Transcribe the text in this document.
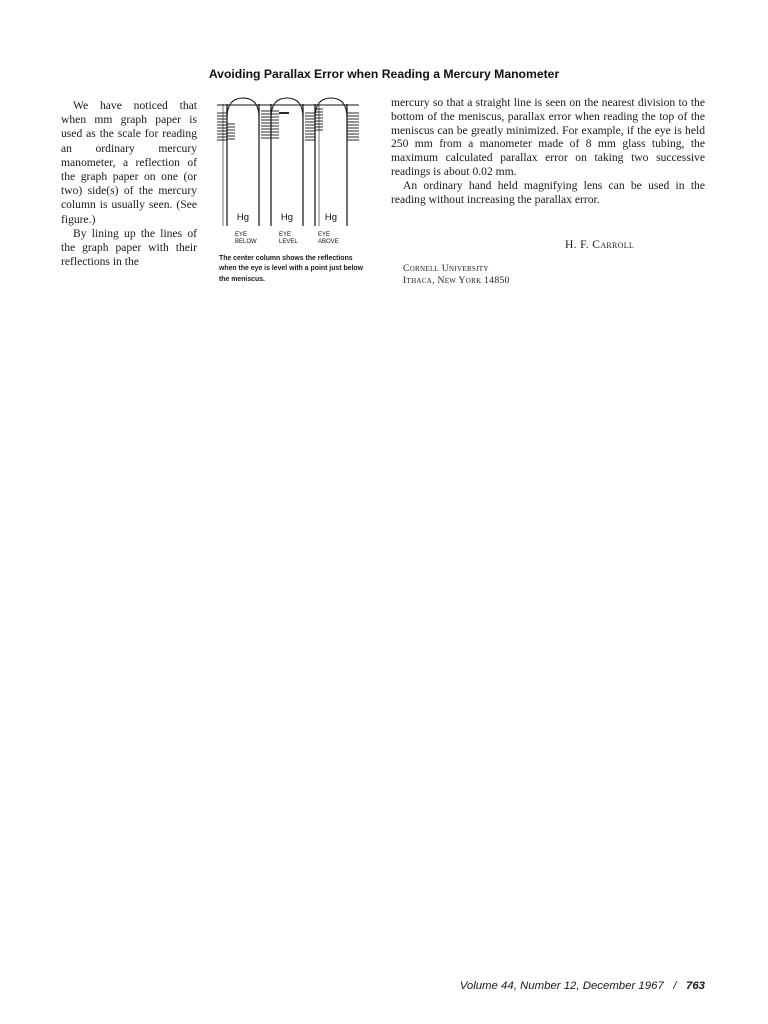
Avoiding Parallax Error when Reading a Mercury Manometer

We have noticed that when mm graph paper is used as the scale for reading an ordinary mercury manometer, a reflection of the graph paper on one (or two) side(s) of the mercury column is usually seen. (See figure.)

By lining up the lines of the graph paper with their reflections in the

Hg	Hg	Hg
EYE
BELOW
EYE
LEVEL
EYE
ABOVE
The center column shows the reflections when the eye is level with a point just below the meniscus.

mercury so that a straight line is seen on the nearest division to the bottom of the meniscus, parallax error when reading the top of the meniscus can be greatly minimized. For example, if the eye is held 250 mm from a manometer made of 8 mm glass tubing, the maximum calculated parallax error on taking two successive readings is about 0.02 mm.

An ordinary hand held magnifying lens can be used in the reading without increasing the parallax error.

H. F. Carroll
Cornell University
Ithaca, New York 14850
Volume 44, Number 12, December 1967 / 763
